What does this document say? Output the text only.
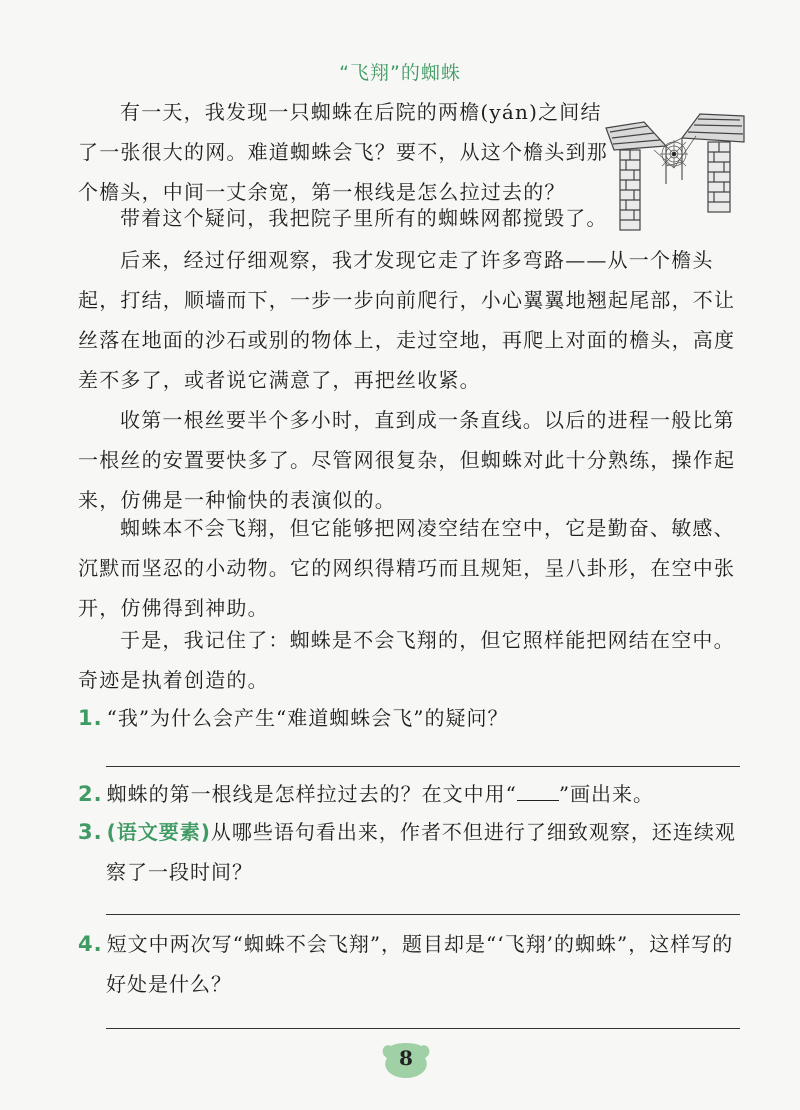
“飞翔”的蜘蛛

有一天，我发现一只蜘蛛在后院的两檐(yán)之间结了一张很大的网。难道蜘蛛会飞？要不，从这个檐头到那个檐头，中间一丈余宽，第一根线是怎么拉过去的？

带着这个疑问，我把院子里所有的蜘蛛网都搅毁了。

后来，经过仔细观察，我才发现它走了许多弯路——从一个檐头起，打结，顺墙而下，一步一步向前爬行，小心翼翼地翘起尾部，不让丝落在地面的沙石或别的物体上，走过空地，再爬上对面的檐头，高度差不多了，或者说它满意了，再把丝收紧。

收第一根丝要半个多小时，直到成一条直线。以后的进程一般比第一根丝的安置要快多了。尽管网很复杂，但蜘蛛对此十分熟练，操作起来，仿佛是一种愉快的表演似的。

蜘蛛本不会飞翔，但它能够把网凌空结在空中，它是勤奋、敏感、沉默而坚忍的小动物。它的网织得精巧而且规矩，呈八卦形，在空中张开，仿佛得到神助。

于是，我记住了：蜘蛛是不会飞翔的，但它照样能把网结在空中。奇迹是执着创造的。

1. “我”为什么会产生“难道蜘蛛会飞”的疑问？
2. 蜘蛛的第一根线是怎样拉过去的？在文中用“ ”画出来。
3. (语文要素)从哪些语句看出来，作者不但进行了细致观察，还连续观
察了一段时间？
4. 短文中两次写“蜘蛛不会飞翔”，题目却是“‘飞翔’的蜘蛛”，这样写的
好处是什么？
8
